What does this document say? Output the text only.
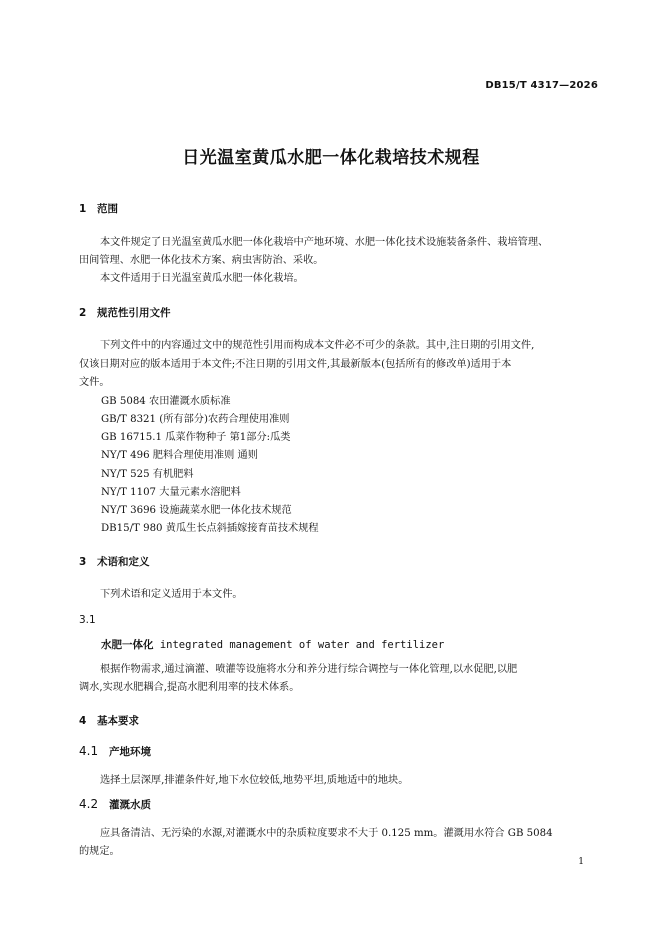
DB15/T 4317—2026
日光温室黄瓜水肥一体化栽培技术规程
1 范围
本文件规定了日光温室黄瓜水肥一体化栽培中产地环境、水肥一体化技术设施装备条件、栽培管理、
田间管理、水肥一体化技术方案、病虫害防治、采收。
本文件适用于日光温室黄瓜水肥一体化栽培。
2 规范性引用文件
下列文件中的内容通过文中的规范性引用而构成本文件必不可少的条款。其中,注日期的引用文件,
仅该日期对应的版本适用于本文件;不注日期的引用文件,其最新版本(包括所有的修改单)适用于本
文件。
GB 5084 农田灌溉水质标准
GB/T 8321 (所有部分)农药合理使用准则
GB 16715.1 瓜菜作物种子 第1部分:瓜类
NY/T 496 肥料合理使用准则 通则
NY/T 525 有机肥料
NY/T 1107 大量元素水溶肥料
NY/T 3696 设施蔬菜水肥一体化技术规范
DB15/T 980 黄瓜生长点斜插嫁接育苗技术规程
3 术语和定义
下列术语和定义适用于本文件。
3.1
水肥一体化 integrated management of water and fertilizer
根据作物需求,通过滴灌、喷灌等设施将水分和养分进行综合调控与一体化管理,以水促肥,以肥
调水,实现水肥耦合,提高水肥利用率的技术体系。
4 基本要求
4.1 产地环境
选择土层深厚,排灌条件好,地下水位较低,地势平坦,质地适中的地块。
4.2 灌溉水质
应具备清洁、无污染的水源,对灌溉水中的杂质粒度要求不大于 0.125 mm。灌溉用水符合 GB 5084
的规定。
1
